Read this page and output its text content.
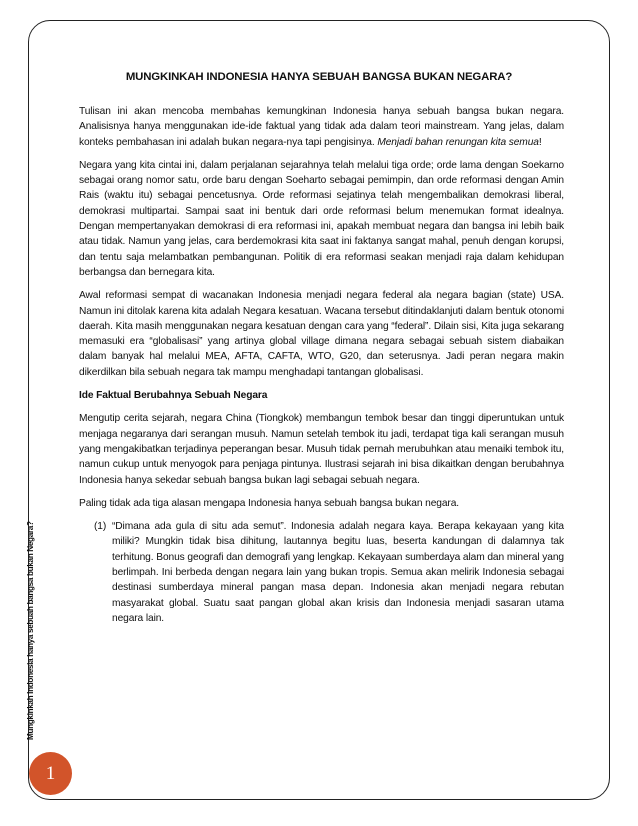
Mungkinkah Indonesia hanya sebuah bangsa bukan Negara?
MUNGKINKAH INDONESIA HANYA SEBUAH BANGSA BUKAN NEGARA?

Tulisan ini akan mencoba membahas kemungkinan Indonesia hanya sebuah bangsa bukan negara. Analisisnya hanya menggunakan ide-ide faktual yang tidak ada dalam teori mainstream. Yang jelas, dalam konteks pembahasan ini adalah bukan negara-nya tapi pengisinya. Menjadi bahan renungan kita semua!

Negara yang kita cintai ini, dalam perjalanan sejarahnya telah melalui tiga orde; orde lama dengan Soekarno sebagai orang nomor satu, orde baru dengan Soeharto sebagai pemimpin, dan orde reformasi dengan Amin Rais (waktu itu) sebagai pencetusnya. Orde reformasi sejatinya telah mengembalikan demokrasi liberal, demokrasi multipartai. Sampai saat ini bentuk dari orde reformasi belum menemukan format idealnya. Dengan mempertanyakan demokrasi di era reformasi ini, apakah membuat negara dan bangsa ini lebih baik atau tidak. Namun yang jelas, cara berdemokrasi kita saat ini faktanya sangat mahal, penuh dengan korupsi, dan tentu saja melambatkan pembangunan. Politik di era reformasi seakan menjadi raja dalam kehidupan berbangsa dan bernegara kita.

Awal reformasi sempat di wacanakan Indonesia menjadi negara federal ala negara bagian (state) USA. Namun ini ditolak karena kita adalah Negara kesatuan. Wacana tersebut ditindaklanjuti dalam bentuk otonomi daerah. Kita masih menggunakan negara kesatuan dengan cara yang “federal”. Dilain sisi, Kita juga sekarang memasuki era “globalisasi” yang artinya global village dimana negara sebagai sebuah sistem diabaikan dalam banyak hal melalui MEA, AFTA, CAFTA, WTO, G20, dan seterusnya. Jadi peran negara makin dikerdilkan bila sebuah negara tak mampu menghadapi tantangan globalisasi.

Ide Faktual Berubahnya Sebuah Negara

Mengutip cerita sejarah, negara China (Tiongkok) membangun tembok besar dan tinggi diperuntukan untuk menjaga negaranya dari serangan musuh. Namun setelah tembok itu jadi, terdapat tiga kali serangan musuh yang mengakibatkan terjadinya peperangan besar. Musuh tidak pernah merubuhkan atau menaiki tembok itu, namun cukup untuk menyogok para penjaga pintunya. Ilustrasi sejarah ini bisa dikaitkan dengan berubahnya Indonesia hanya sekedar sebuah bangsa bukan lagi sebagai sebuah negara.

Paling tidak ada tiga alasan mengapa Indonesia hanya sebuah bangsa bukan negara.

(1) “Dimana ada gula di situ ada semut”. Indonesia adalah negara kaya. Berapa kekayaan yang kita miliki? Mungkin tidak bisa dihitung, lautannya begitu luas, beserta kandungan di dalamnya tak terhitung. Bonus geografi dan demografi yang lengkap. Kekayaan sumberdaya alam dan mineral yang berlimpah. Ini berbeda dengan negara lain yang bukan tropis. Semua akan melirik Indonesia sebagai destinasi sumberdaya mineral pangan masa depan. Indonesia akan menjadi negara rebutan masyarakat global. Suatu saat pangan global akan krisis dan Indonesia menjadi sasaran utama negara lain.
1
